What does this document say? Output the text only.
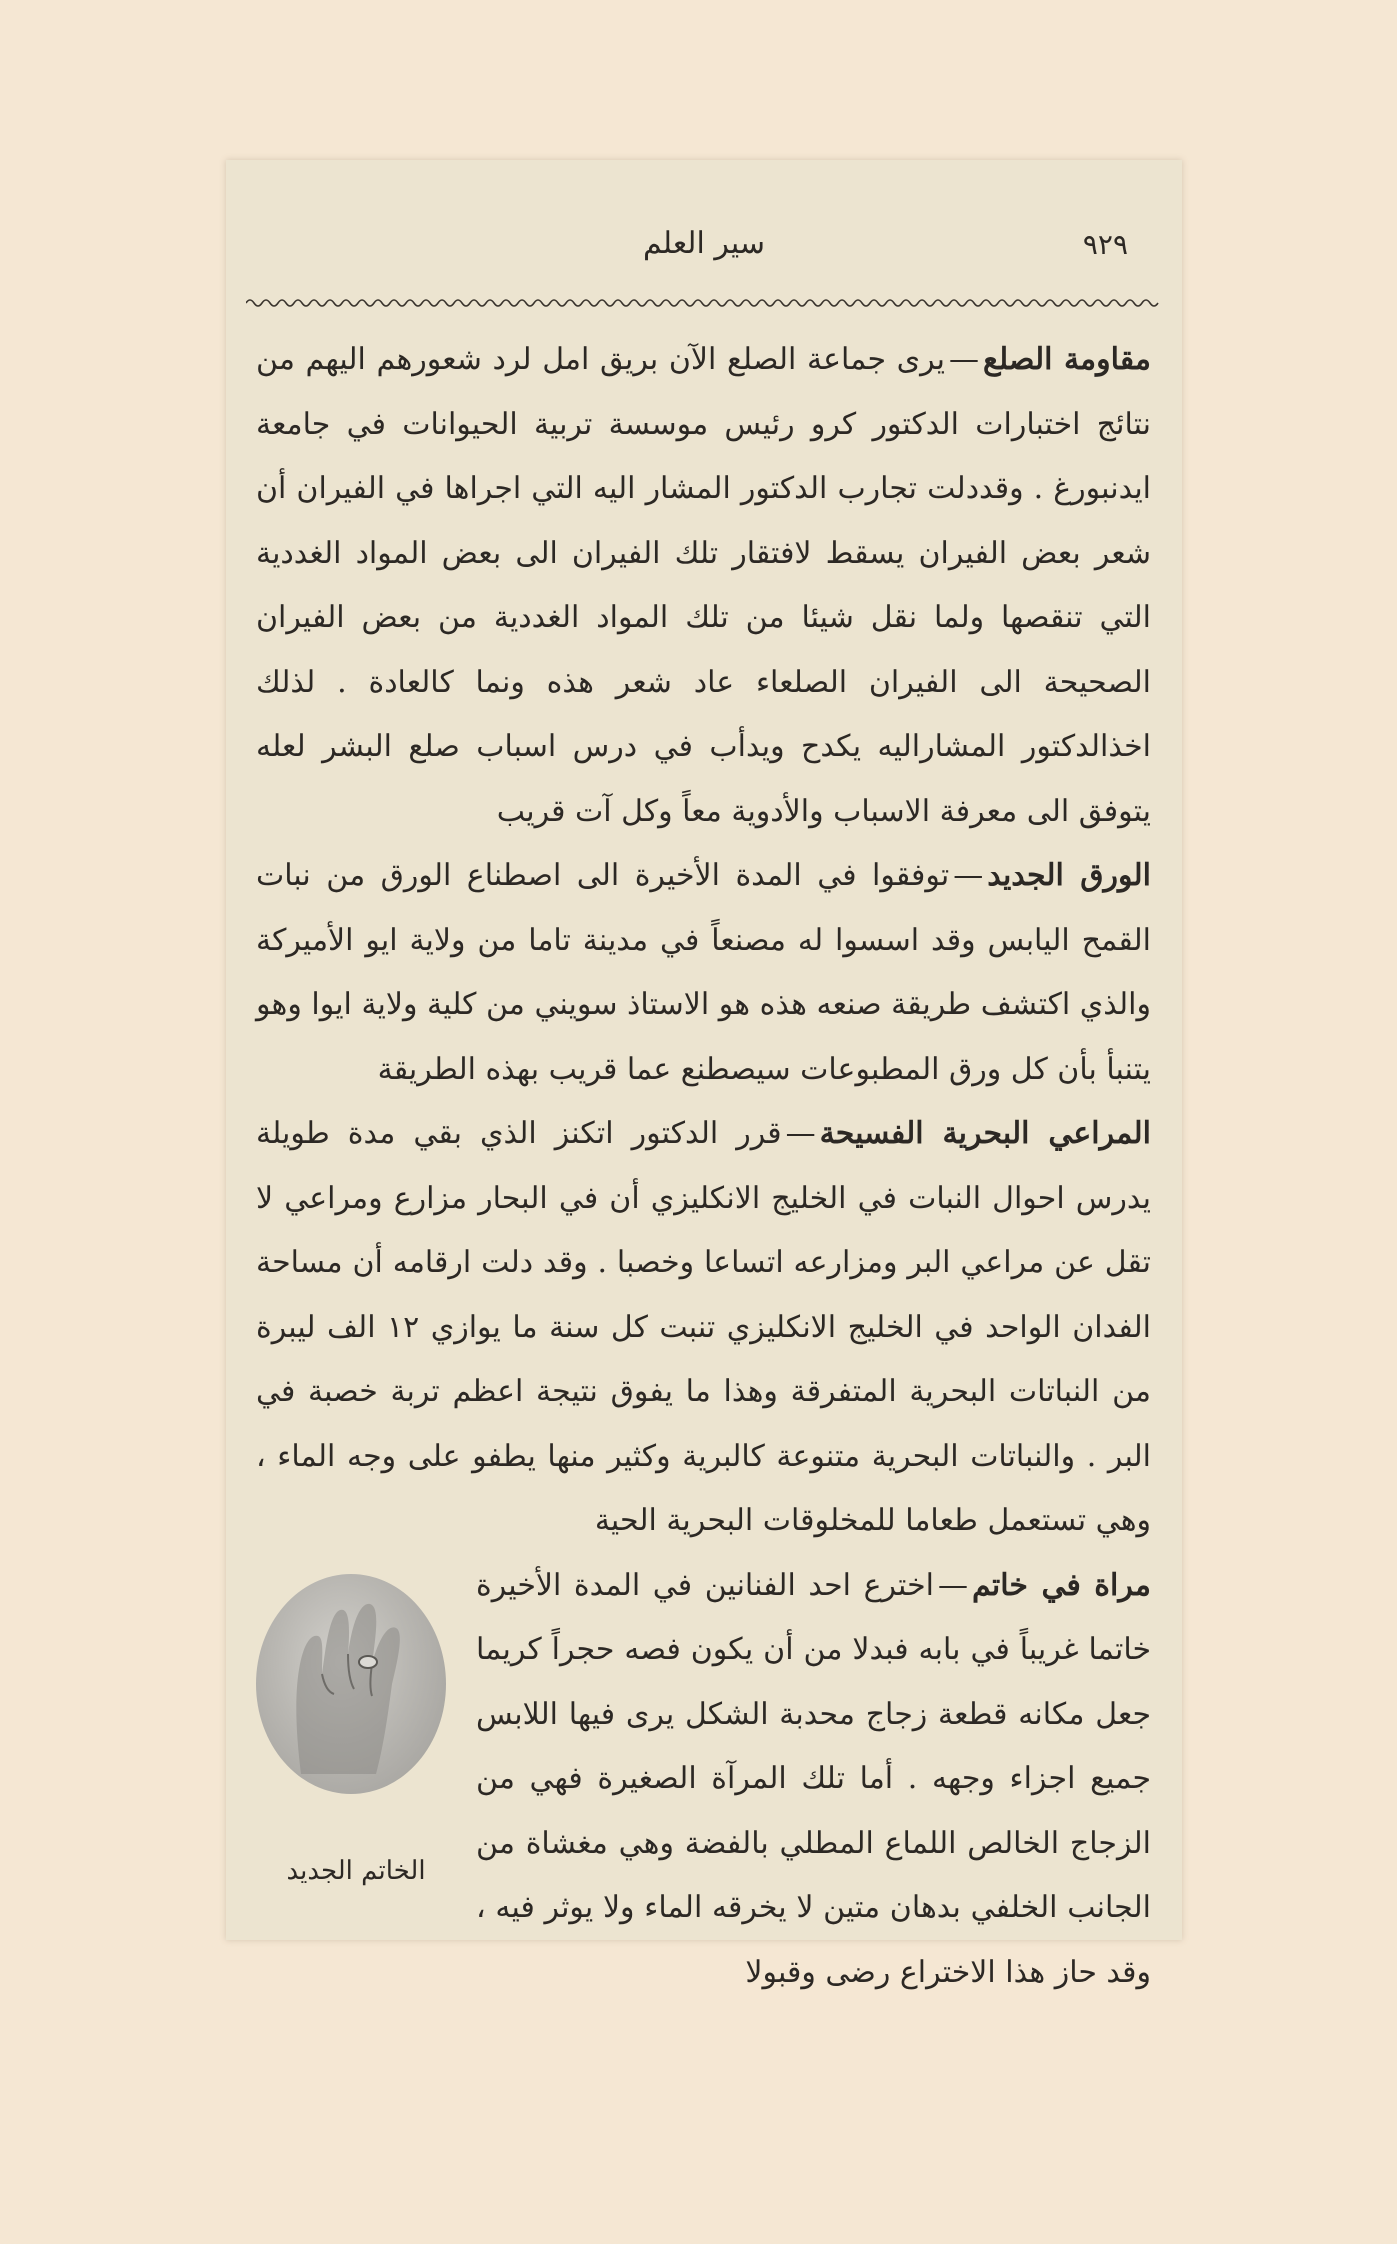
٩٢٩
سير العلم

مقاومة الصلع—يرى جماعة الصلع الآن بريق امل لرد شعورهم اليهم من نتائج اختبارات الدكتور كرو رئيس موسسة تربية الحيوانات في جامعة ايدنبورغ . وقددلت تجارب الدكتور المشار اليه التي اجراها في الفيران أن شعر بعض الفيران يسقط لافتقار تلك الفيران الى بعض المواد الغددية التي تنقصها ولما نقل شيئا من تلك المواد الغددية من بعض الفيران الصحيحة الى الفيران الصلعاء عاد شعر هذه ونما كالعادة . لذلك اخذالدكتور المشاراليه يكدح ويدأب في درس اسباب صلع البشر لعله يتوفق الى معرفة الاسباب والأدوية معاً وكل آت قريب

الورق الجديد—توفقوا في المدة الأخيرة الى اصطناع الورق من نبات القمح اليابس وقد اسسوا له مصنعاً في مدينة تاما من ولاية ايو الأميركة والذي اكتشف طريقة صنعه هذه هو الاستاذ سويني من كلية ولاية ايوا وهو يتنبأ بأن كل ورق المطبوعات سيصطنع عما قريب بهذه الطريقة

المراعي البحرية الفسيحة—قرر الدكتور اتكنز الذي بقي مدة طويلة يدرس احوال النبات في الخليج الانكليزي أن في البحار مزارع ومراعي لا تقل عن مراعي البر ومزارعه اتساعا وخصبا . وقد دلت ارقامه أن مساحة الفدان الواحد في الخليج الانكليزي تنبت كل سنة ما يوازي ١٢ الف ليبرة من النباتات البحرية المتفرقة وهذا ما يفوق نتيجة اعظم تربة خصبة في البر . والنباتات البحرية متنوعة كالبرية وكثير منها يطفو على وجه الماء ، وهي تستعمل طعاما للمخلوقات البحرية الحية

الخاتم الجديد

مراة في خاتم—اخترع احد الفنانين في المدة الأخيرة خاتما غريباً في بابه فبدلا من أن يكون فصه حجراً كريما جعل مكانه قطعة زجاج محدبة الشكل يرى فيها اللابس جميع اجزاء وجهه . أما تلك المرآة الصغيرة فهي من الزجاج الخالص اللماع المطلي بالفضة وهي مغشاة من الجانب الخلفي بدهان متين لا يخرقه الماء ولا يوثر فيه ، وقد حاز هذا الاختراع رضى وقبولا
